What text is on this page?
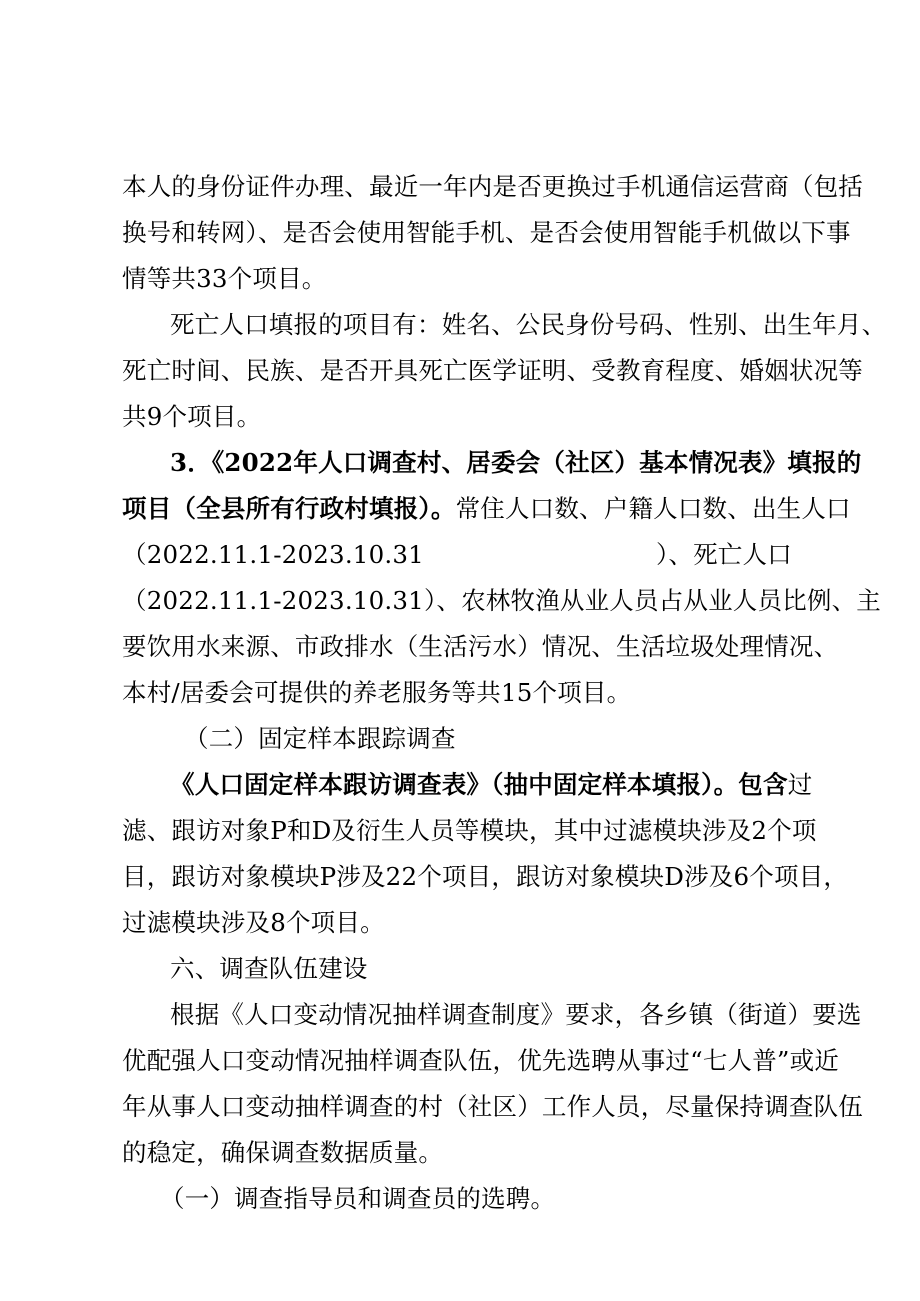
本人的身份证件办理、最近一年内是否更换过手机通信运营商（包括
换号和转网）、是否会使用智能手机、是否会使用智能手机做以下事
情等共33个项目。
死亡人口填报的项目有：姓名、公民身份号码、性别、出生年月、
死亡时间、民族、是否开具死亡医学证明、受教育程度、婚姻状况等
共9个项目。
3．《2022年人口调查村、居委会（社区）基本情况表》填报的
项目（全县所有行政村填报）。常住人口数、户籍人口数、出生人口
（2022.11.1-2023.10.31	）、死亡人口
（2022.11.1-2023.10.31）、农林牧渔从业人员占从业人员比例、主
要饮用水来源、市政排水（生活污水）情况、生活垃圾处理情况、
本村/居委会可提供的养老服务等共15个项目。
（二）固定样本跟踪调查
《人口固定样本跟访调查表》（抽中固定样本填报）。包含过
滤、跟访对象P和D及衍生人员等模块，其中过滤模块涉及2个项
目，跟访对象模块P涉及22个项目，跟访对象模块D涉及6个项目，
过滤模块涉及8个项目。
六、调查队伍建设
根据《人口变动情况抽样调查制度》要求，各乡镇（街道）要选
优配强人口变动情况抽样调查队伍，优先选聘从事过“七人普”或近
年从事人口变动抽样调查的村（社区）工作人员，尽量保持调查队伍
的稳定，确保调查数据质量。
（一）调查指导员和调查员的选聘。
